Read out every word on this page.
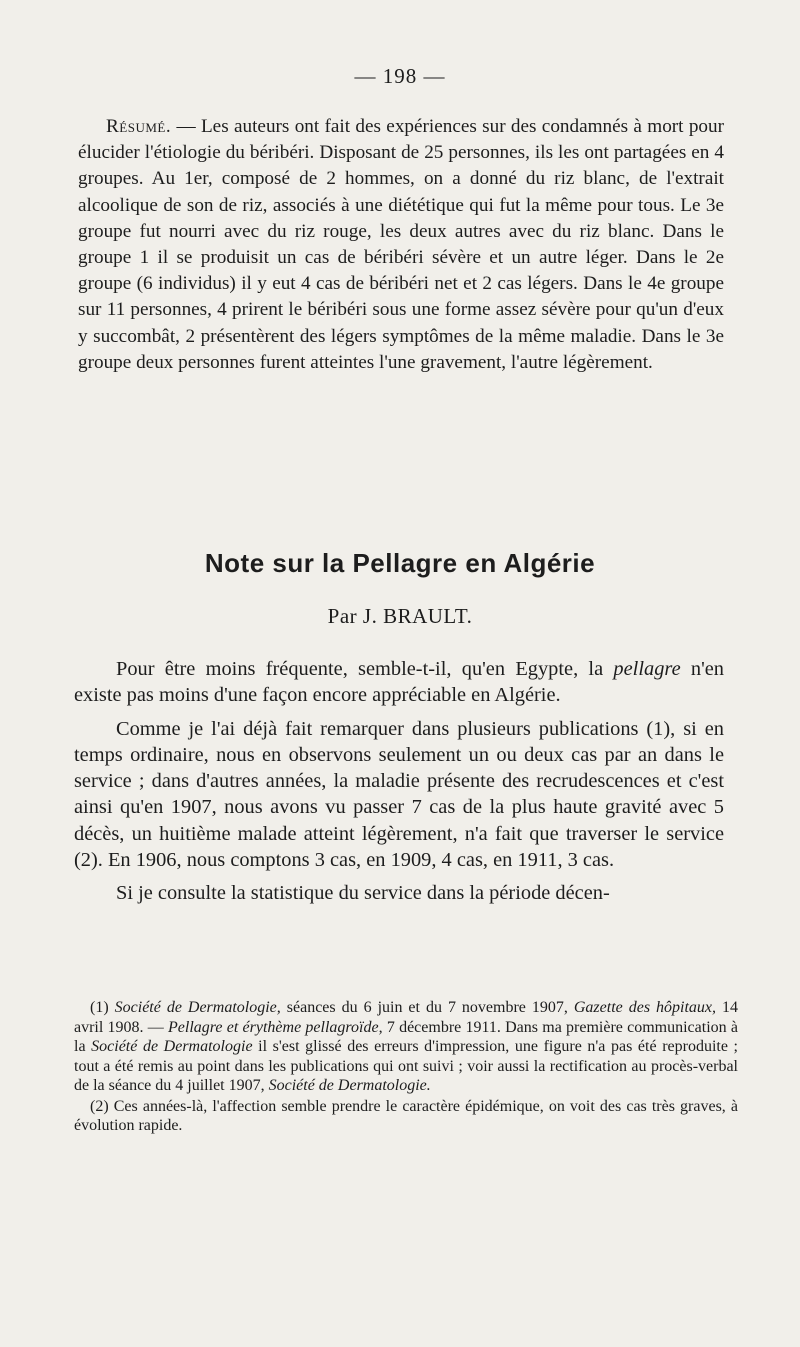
— 198 —

Résumé. — Les auteurs ont fait des expériences sur des condamnés à mort pour élucider l'étiologie du béribéri. Disposant de 25 personnes, ils les ont partagées en 4 groupes. Au 1er, composé de 2 hommes, on a donné du riz blanc, de l'extrait alcoolique de son de riz, associés à une diététique qui fut la même pour tous. Le 3e groupe fut nourri avec du riz rouge, les deux autres avec du riz blanc. Dans le groupe 1 il se produisit un cas de béribéri sévère et un autre léger. Dans le 2e groupe (6 individus) il y eut 4 cas de béribéri net et 2 cas légers. Dans le 4e groupe sur 11 personnes, 4 prirent le béribéri sous une forme assez sévère pour qu'un d'eux y succombât, 2 présentèrent des légers symptômes de la même maladie. Dans le 3e groupe deux personnes furent atteintes l'une gravement, l'autre légèrement.

Note sur la Pellagre en Algérie

Par J. BRAULT.

Pour être moins fréquente, semble-t-il, qu'en Egypte, la pellagre n'en existe pas moins d'une façon encore appréciable en Algérie.

Comme je l'ai déjà fait remarquer dans plusieurs publications (1), si en temps ordinaire, nous en observons seulement un ou deux cas par an dans le service ; dans d'autres années, la maladie présente des recrudescences et c'est ainsi qu'en 1907, nous avons vu passer 7 cas de la plus haute gravité avec 5 décès, un huitième malade atteint légèrement, n'a fait que traverser le service (2). En 1906, nous comptons 3 cas, en 1909, 4 cas, en 1911, 3 cas.

Si je consulte la statistique du service dans la période décen-

(1) Société de Dermatologie, séances du 6 juin et du 7 novembre 1907, Gazette des hôpitaux, 14 avril 1908. — Pellagre et érythème pellagroïde, 7 décembre 1911. Dans ma première communication à la Société de Dermatologie il s'est glissé des erreurs d'impression, une figure n'a pas été reproduite ; tout a été remis au point dans les publications qui ont suivi ; voir aussi la rectification au procès-verbal de la séance du 4 juillet 1907, Société de Dermatologie.

(2) Ces années-là, l'affection semble prendre le caractère épidémique, on voit des cas très graves, à évolution rapide.
